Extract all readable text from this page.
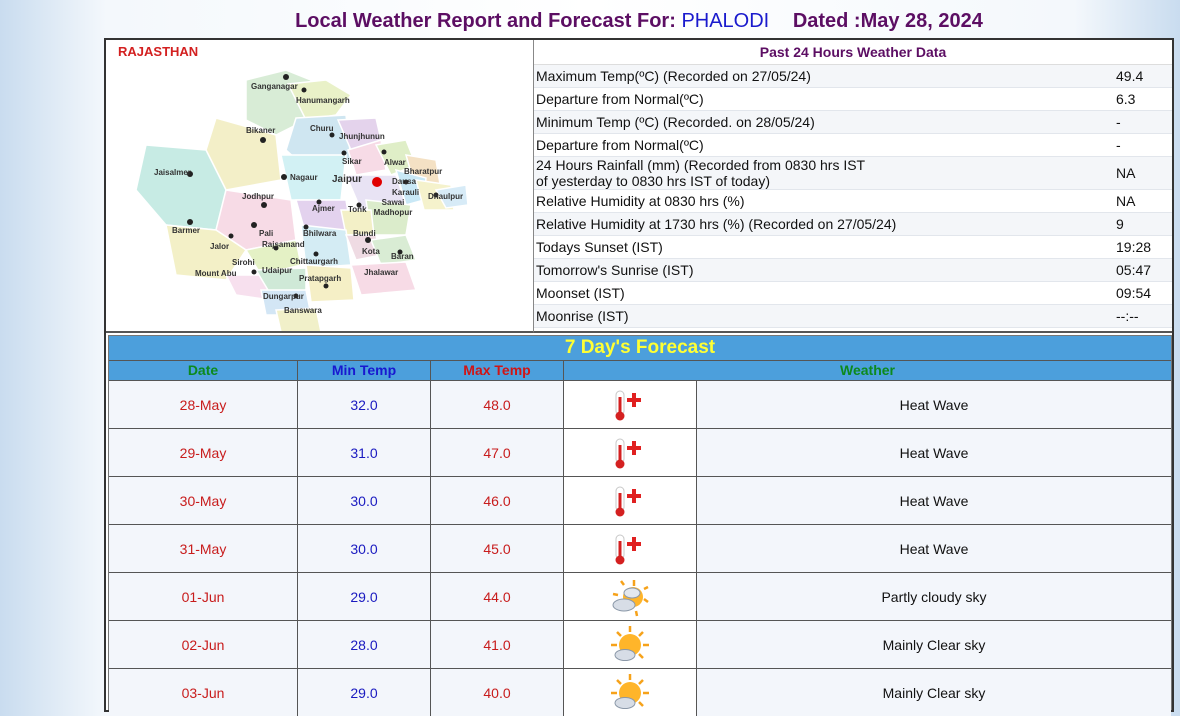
Local Weather Report and Forecast For: PHALODI Dated :May 28, 2024
RAJASTHAN
Ganganagar
Hanumangarh
Bikaner	Churu
Jhunjhunun
Sikar	Alwar
Bharatpur
Jaisalmer
Nagaur Jaipur	Dausa
Karauli Dhaulpur
Jodhpur
Sawai Madhopur
Ajmer Tonk
Barmer	Pali	Bhilwara Bundi
Jalor	Rajsamand
Kota
Baran
Sirohi	Chittaurgarh
Mount Abu	Udaipur	Jhalawar
Pratapgarh
Dungarpur
Banswara
Past 24 Hours Weather Data
Maximum Temp(ºC) (Recorded on 27/05/24)	49.4
Departure from Normal(ºC)	6.3
Minimum Temp (ºC) (Recorded. on 28/05/24)	-
Departure from Normal(ºC)	-
24 Hours Rainfall (mm) (Recorded from 0830 hrs IST
of yesterday to 0830 hrs IST of today)	NA
Relative Humidity at 0830 hrs (%)	NA
Relative Humidity at 1730 hrs (%) (Recorded on 27/05/24)	9
Todays Sunset (IST)	19:28
Tomorrow's Sunrise (IST)	05:47
Moonset (IST)	09:54
Moonrise (IST)	--:--
7 Day's Forecast
Date	Min Temp	Max Temp	Weather
28-May	32.0	48.0	Heat Wave
29-May	31.0	47.0	Heat Wave
30-May	30.0	46.0	Heat Wave
31-May	30.0	45.0	Heat Wave
01-Jun	29.0	44.0	Partly cloudy sky
02-Jun	28.0	41.0	Mainly Clear sky
03-Jun	29.0	40.0	Mainly Clear sky
